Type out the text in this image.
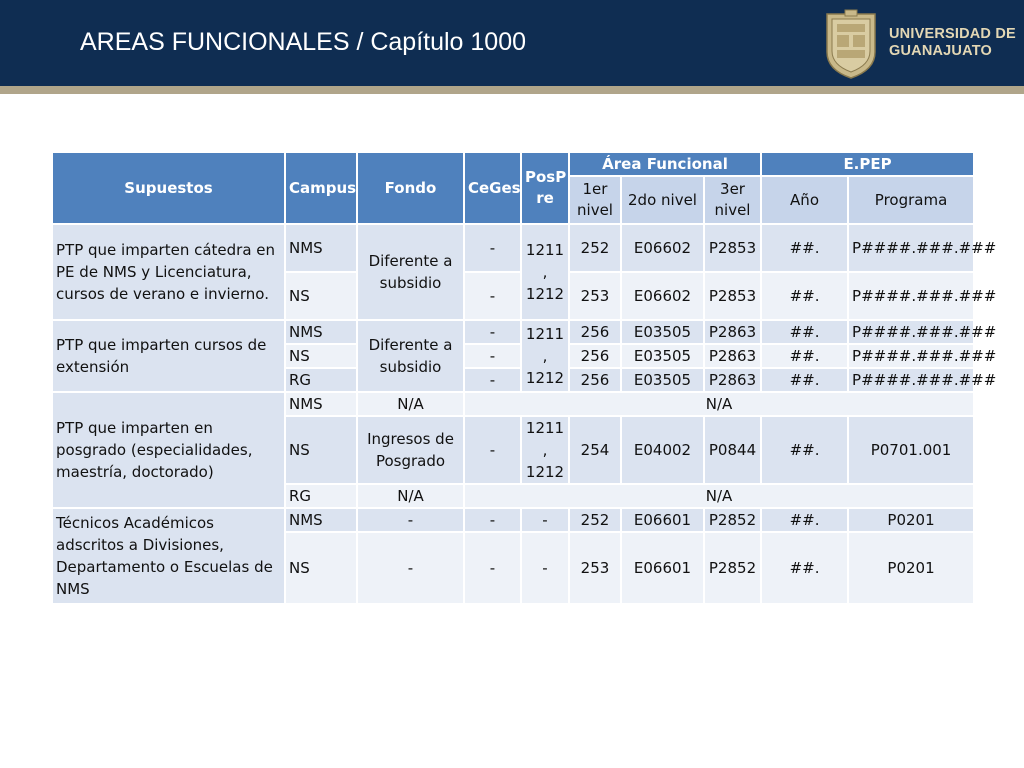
AREAS FUNCIONALES / Capítulo 1000	UNIVERSIDAD DE
GUANAJUATO
Supuestos	Campus	Fondo	CeGes	PosP re	Área Funcional			E.PEP	
					1er nivel	2do nivel	3er nivel	Año	Programa
PTP que imparten cátedra en PE de NMS y Licenciatura, cursos de verano e invierno.	NMS	Diferente a subsidio	-	1211 , 1212	252	E06602	P2853	##.	P####.###.###
	NS		-		253	E06602	P2853	##.	P####.###.###
PTP que imparten cursos de extensión	NMS	Diferente a subsidio	-	1211 , 1212	256	E03505	P2863	##.	P####.###.###
	NS		-		256	E03505	P2863	##.	P####.###.###
	RG		-		256	E03505	P2863	##.	P####.###.###
PTP que imparten en posgrado (especialidades, maestría, doctorado)	NMS	N/A	N/A						
	NS	Ingresos de Posgrado	-	1211 , 1212	254	E04002	P0844	##.	P0701.001
	RG	N/A	N/A						
Técnicos Académicos adscritos a Divisiones, Departamento o Escuelas de NMS	NMS	-	-	-	252	E06601	P2852	##.	P0201
	NS	-	-	-	253	E06601	P2852	##.	P0201
